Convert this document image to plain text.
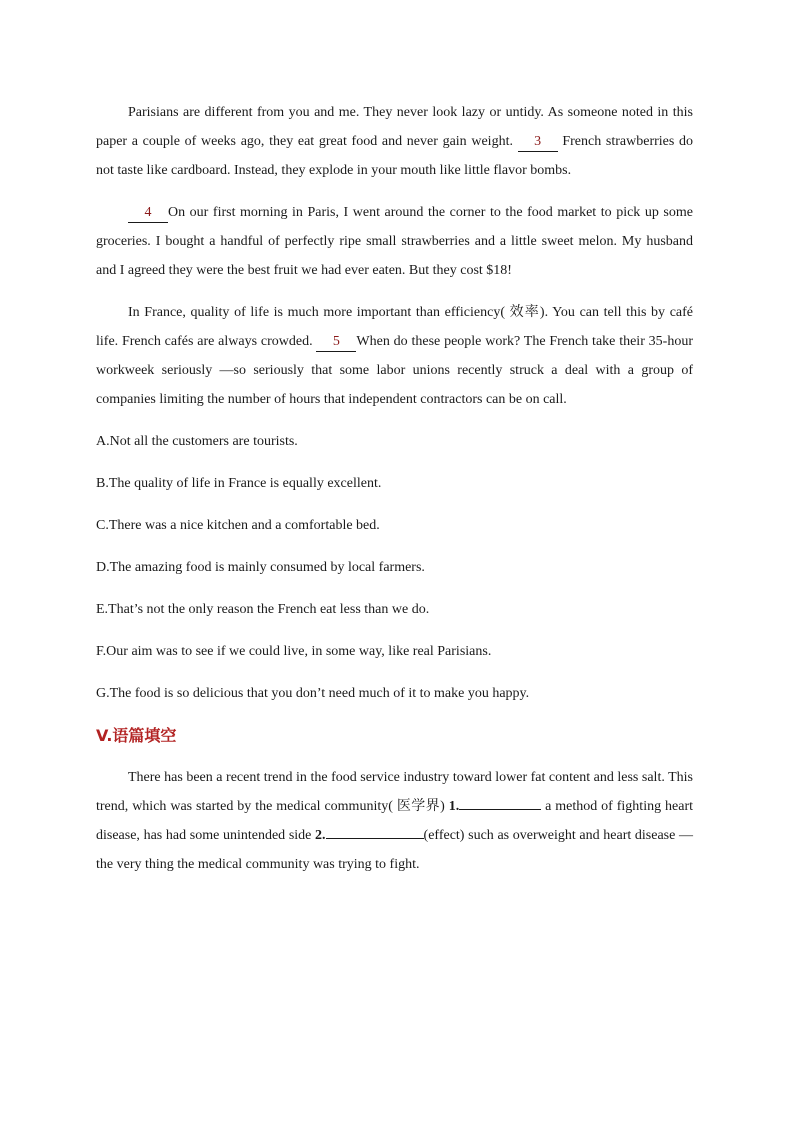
Parisians are different from you and me. They never look lazy or untidy. As someone noted in this paper a couple of weeks ago, they eat great food and never gain weight. 3 French strawberries do not taste like cardboard. Instead, they explode in your mouth like little flavor bombs.

4 On our first morning in Paris, I went around the corner to the food market to pick up some groceries. I bought a handful of perfectly ripe small strawberries and a little sweet melon. My husband and I agreed they were the best fruit we had ever eaten. But they cost $18!

In France, quality of life is much more important than efficiency( 效率). You can tell this by café life. French cafés are always crowded. 5 When do these people work? The French take their 35-hour workweek seriously —so seriously that some labor unions recently struck a deal with a group of companies limiting the number of hours that independent contractors can be on call.

A.Not all the customers are tourists.

B.The quality of life in France is equally excellent.

C.There was a nice kitchen and a comfortable bed.

D.The amazing food is mainly consumed by local farmers.

E.That’s not the only reason the French eat less than we do.

F.Our aim was to see if we could live, in some way, like real Parisians.

G.The food is so delicious that you don’t need much of it to make you happy.

V.语篇填空

There has been a recent trend in the food service industry toward lower fat content and less salt. This trend, which was started by the medical community( 医学界) 1.	a method of fighting heart disease, has had some unintended side 2.	(effect) such as overweight and heart disease —the very thing the medical community was trying to fight.
